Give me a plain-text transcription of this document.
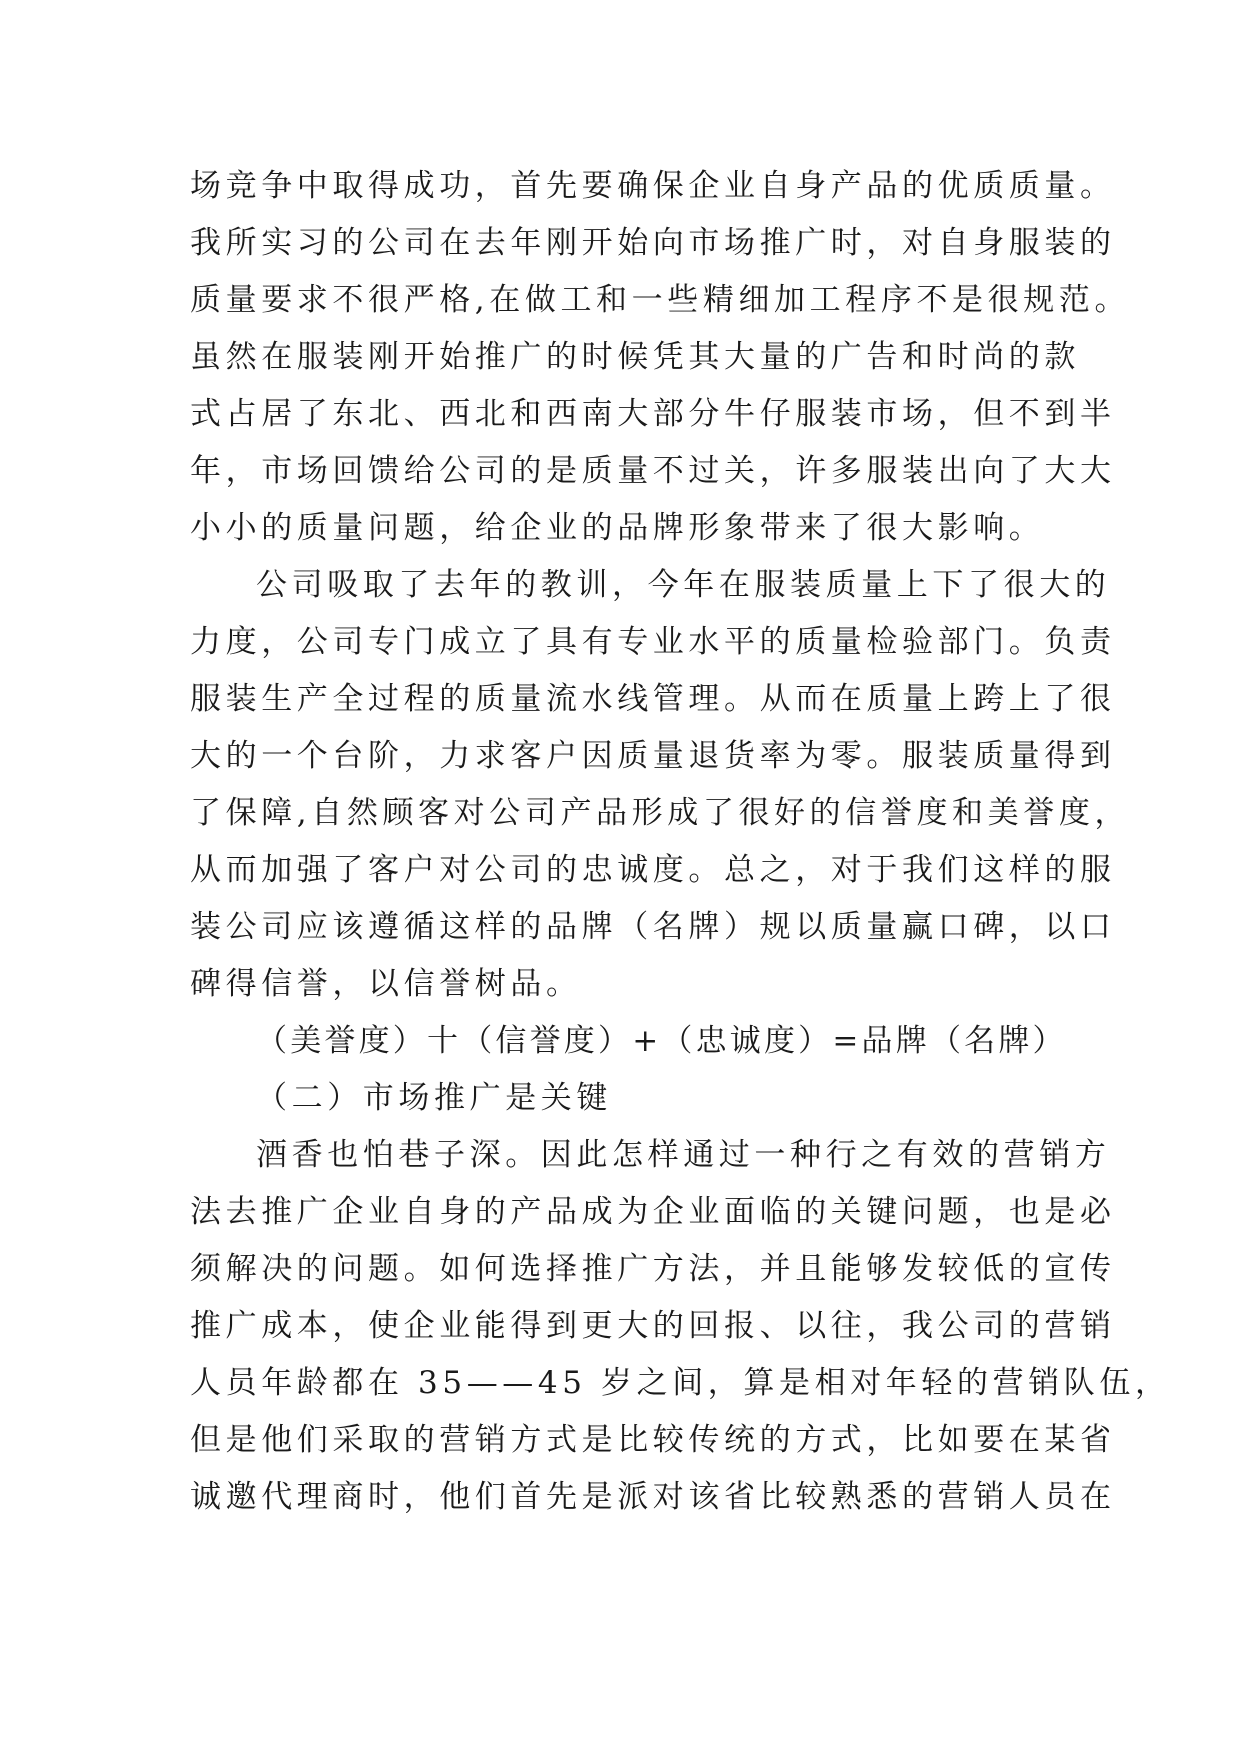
场竞争中取得成功，首先要确保企业自身产品的优质质量。
我所实习的公司在去年刚开始向市场推广时，对自身服装的
质量要求不很严格,在做工和一些精细加工程序不是很规范。
虽然在服装刚开始推广的时候凭其大量的广告和时尚的款
式占居了东北、西北和西南大部分牛仔服装市场，但不到半
年，市场回馈给公司的是质量不过关，许多服装出向了大大
小小的质量问题，给企业的品牌形象带来了很大影响。
公司吸取了去年的教训，今年在服装质量上下了很大的
力度，公司专门成立了具有专业水平的质量检验部门。负责
服装生产全过程的质量流水线管理。从而在质量上跨上了很
大的一个台阶，力求客户因质量退货率为零。服装质量得到
了保障,自然顾客对公司产品形成了很好的信誉度和美誉度，
从而加强了客户对公司的忠诚度。总之，对于我们这样的服
装公司应该遵循这样的品牌（名牌）规以质量赢口碑，以口
碑得信誉，以信誉树品。
（美誉度）十（信誉度）+（忠诚度）=品牌（名牌）
（二）市场推广是关键
酒香也怕巷子深。因此怎样通过一种行之有效的营销方
法去推广企业自身的产品成为企业面临的关键问题，也是必
须解决的问题。如何选择推广方法，并且能够发较低的宣传
推广成本，使企业能得到更大的回报、以往，我公司的营销
人员年龄都在 35——45 岁之间，算是相对年轻的营销队伍，
但是他们采取的营销方式是比较传统的方式，比如要在某省
诚邀代理商时，他们首先是派对该省比较熟悉的营销人员在
